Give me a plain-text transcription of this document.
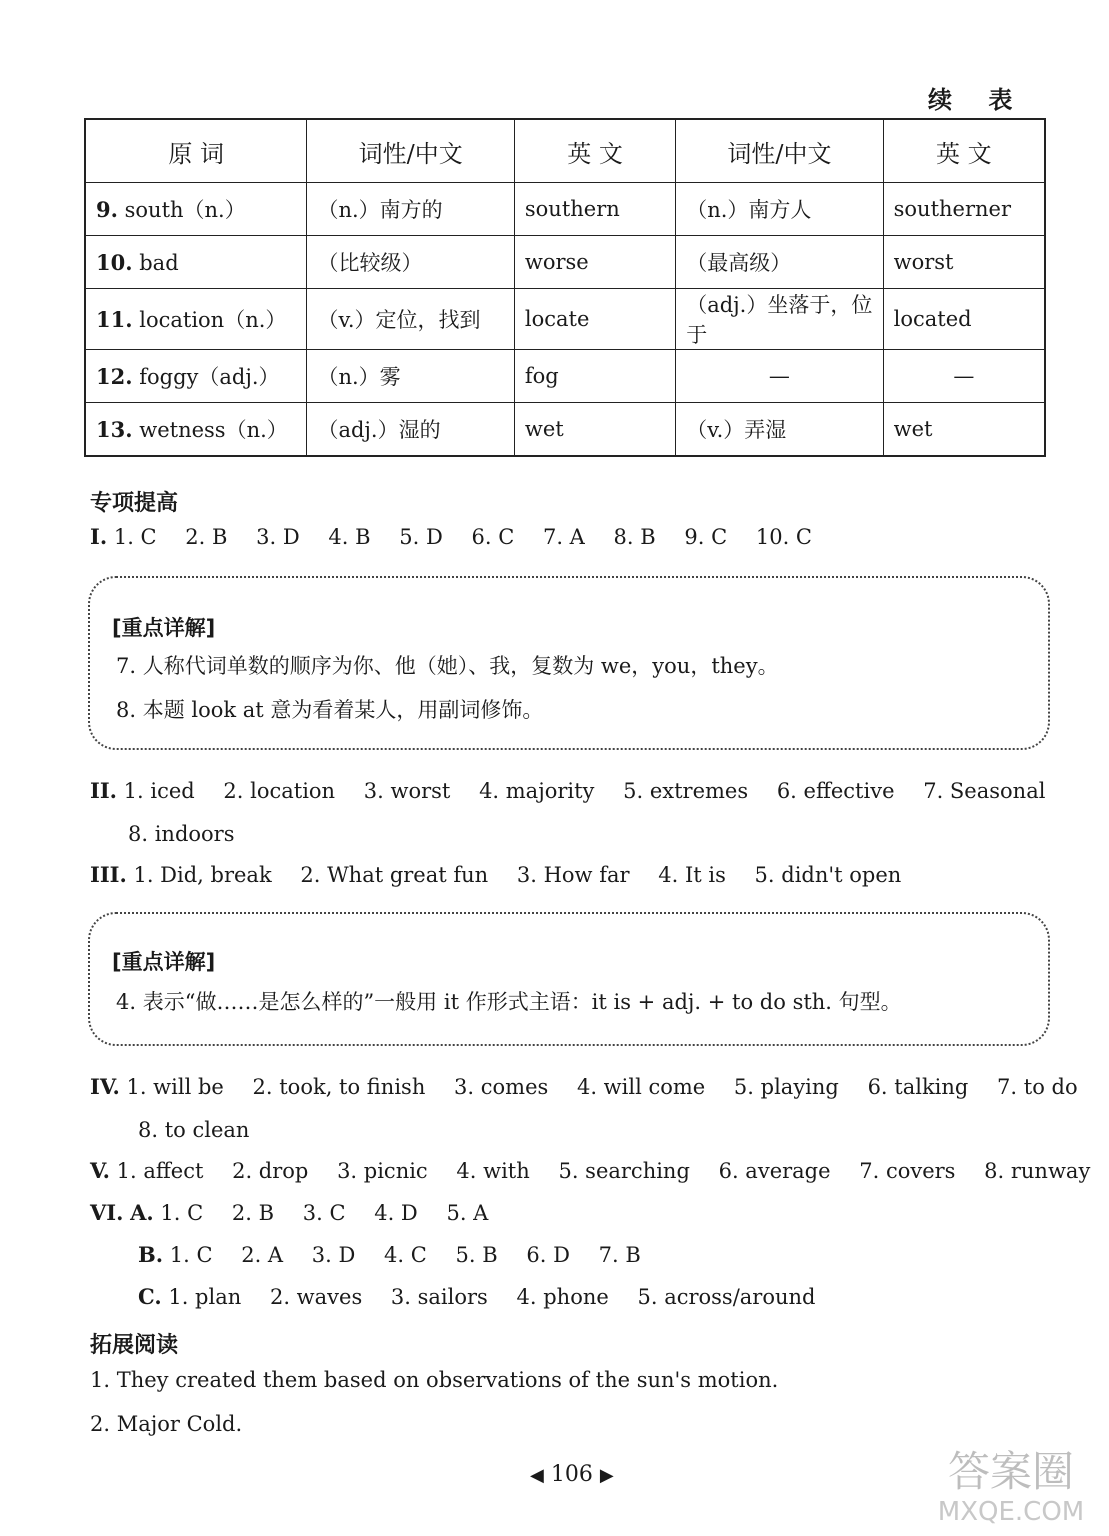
续 表
原 词	词性/中文	英 文	词性/中文	英 文
9. south（n.）	（n.）南方的	southern	（n.）南方人	southerner
10. bad	（比较级）	worse	（最高级）	worst
11. location（n.）	（v.）定位，找到	locate	（adj.）坐落于，位于	located
12. foggy（adj.）	（n.）雾	fog	—	—
13. wetness（n.）	（adj.）湿的	wet	（v.）弄湿	wet
专项提高
I. 1. C 2. B 3. D 4. B 5. D 6. C 7. A 8. B 9. C 10. C
[重点详解]
7. 人称代词单数的顺序为你、他（她）、我，复数为 we，you，they。
8. 本题 look at 意为看着某人，用副词修饰。
II. 1. iced 2. location 3. worst 4. majority 5. extremes 6. effective 7. Seasonal
8. indoors
III. 1. Did, break 2. What great fun 3. How far 4. It is 5. didn't open
[重点详解]
4. 表示“做……是怎么样的”一般用 it 作形式主语：it is + adj. + to do sth. 句型。
IV. 1. will be 2. took, to finish 3. comes 4. will come 5. playing 6. talking 7. to do
8. to clean
V. 1. affect 2. drop 3. picnic 4. with 5. searching 6. average 7. covers 8. runway
VI. A. 1. C 2. B 3. C 4. D 5. A
B. 1. C 2. A 3. D 4. C 5. B 6. D 7. B
C. 1. plan 2. waves 3. sailors 4. phone 5. across/around
拓展阅读
1. They created them based on observations of the sun's motion.
2. Major Cold.
◀ 106 ▶	答案圈
MXQE.COM
